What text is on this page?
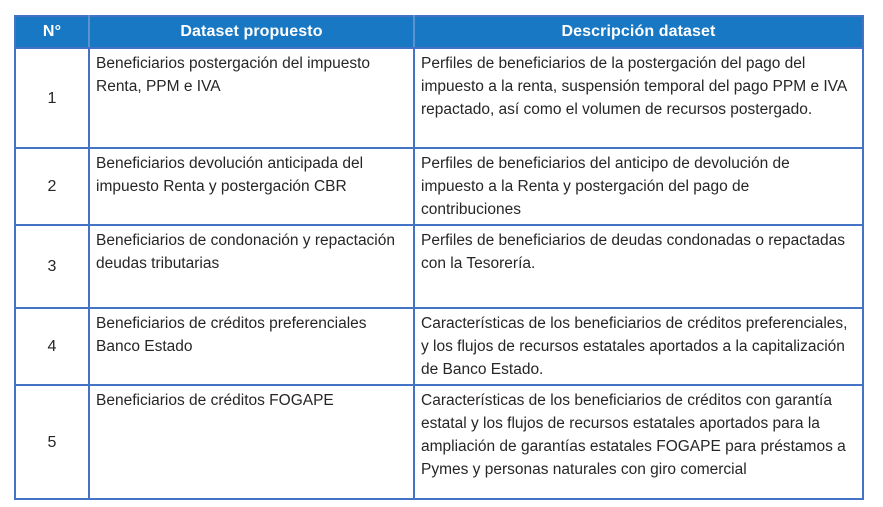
N°	Dataset propuesto	Descripción dataset
1	Beneficiarios postergación del impuesto Renta, PPM e IVA	Perfiles de beneficiarios de la postergación del pago del impuesto a la renta, suspensión temporal del pago PPM e IVA repactado, así como el volumen de recursos postergado.
2	Beneficiarios devolución anticipada del impuesto Renta y postergación CBR	Perfiles de beneficiarios del anticipo de devolución de impuesto a la Renta y postergación del pago de contribuciones
3	Beneficiarios de condonación y repactación deudas tributarias	Perfiles de beneficiarios de deudas condonadas o repactadas con la Tesorería.
4	Beneficiarios de créditos preferenciales Banco Estado	Características de los beneficiarios de créditos preferenciales, y los flujos de recursos estatales aportados a la capitalización de Banco Estado.
5	Beneficiarios de créditos FOGAPE	Características de los beneficiarios de créditos con garantía estatal y los flujos de recursos estatales aportados para la ampliación de garantías estatales FOGAPE para préstamos a Pymes y personas naturales con giro comercial
